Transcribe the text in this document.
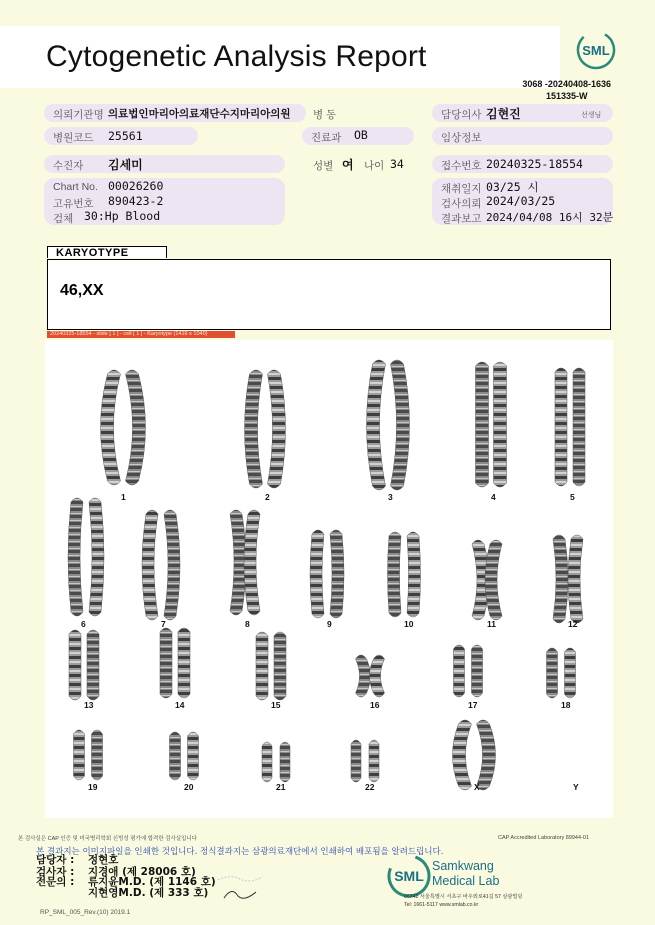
Cytogenetic Analysis Report	SML
3068 -20240408-1636
151335-W
의뢰기관명 의료법인마리아의료재단수지마리아의원 병 동	담당의사 김현진	선생님
병원코드 25561	진료과 OB	임상정보
수진자 김세미	성별 여 나이 34	접수번호 20240325-18554
Chart No. 00026260
고유번호 890423-2
검체 30:Hp Blood
채취일지 03/25 시
검사의뢰 2024/03/25
결과보고 2024/04/08 16시 32분
KARYOTYPE
46,XX
20240325-18554 - slide [ 1 ] - cell [ 1 ] - Karyotype (1416 x 1040)
1	2	3	4	5
6	7	8	9	10	11	12
13	14	15	16	17	18
19	20	21	22	X	Y
본 검사실은 CAP 인증 및 미국병리학회 신빙성 평가에 합격한 검사실입니다	CAP Accredited Laboratory 89944-01
본 결과지는 이미지파일을 인쇄한 것입니다. 정식결과지는 삼광의료재단에서 인쇄하여 배포됨을 알려드립니다.
담당자 : 정현호
검사자 : 지경애 (제 28006 호)
전문의 : 류지윤M.D. (제 1146 호)
지현영M.D. (제 333 호)
RP_SML_005_Rev.(10) 2019.1
SML
Samkwang
Medical Lab
06742 서울특별시 서초구 바우뫼로41길 57 삼광빌딩
Tel: 1661-5117 www.smlab.co.kr
